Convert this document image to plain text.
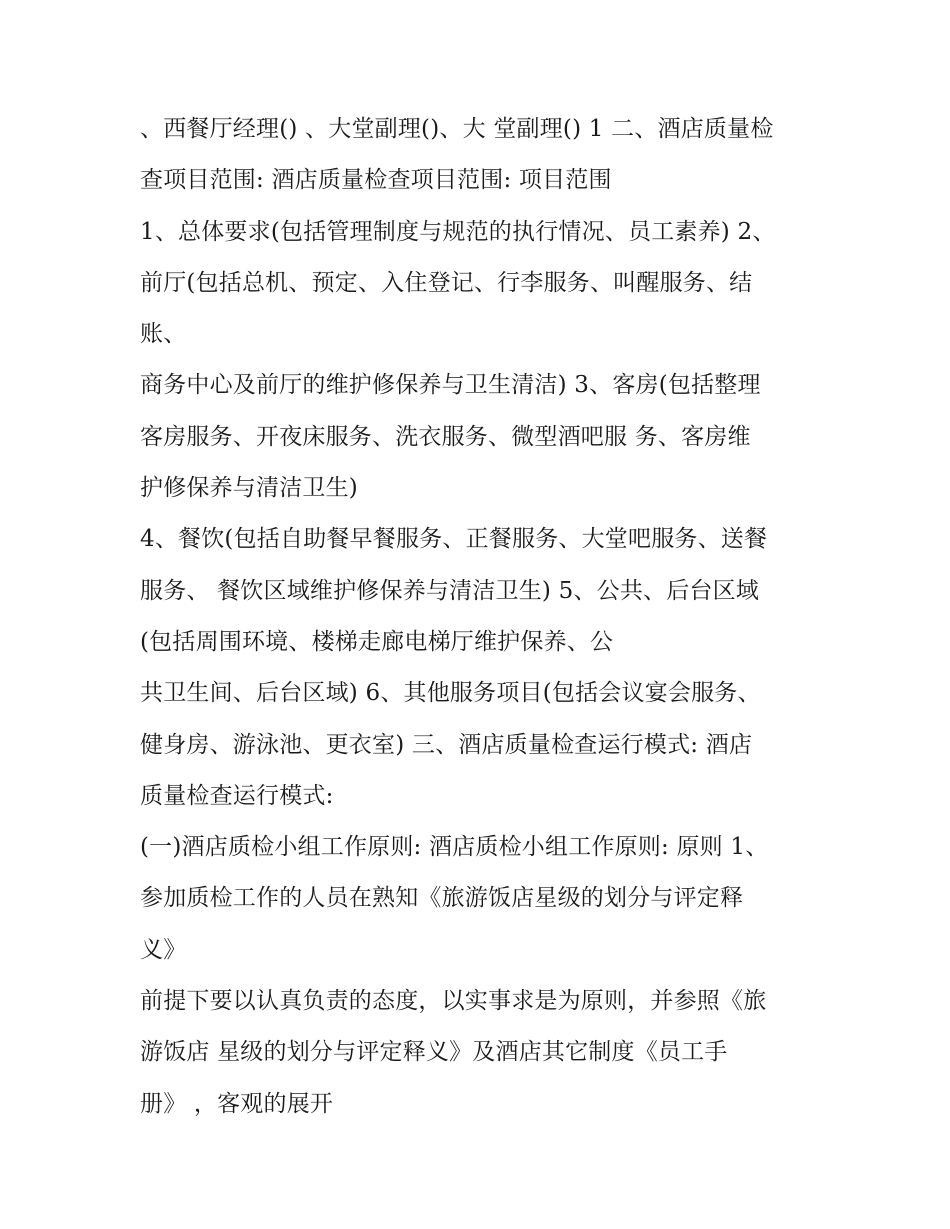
、西餐厅经理() 、大堂副理()、大 堂副理() 1 二、酒店质量检
查项目范围: 酒店质量检查项目范围: 项目范围
1、总体要求(包括管理制度与规范的执行情况、员工素养) 2、
前厅(包括总机、预定、入住登记、行李服务、叫醒服务、结
账、
商务中心及前厅的维护修保养与卫生清洁) 3、客房(包括整理
客房服务、开夜床服务、洗衣服务、微型酒吧服 务、客房维
护修保养与清洁卫生)
4、餐饮(包括自助餐早餐服务、正餐服务、大堂吧服务、送餐
服务、 餐饮区域维护修保养与清洁卫生) 5、公共、后台区域
(包括周围环境、楼梯走廊电梯厅维护保养、公
共卫生间、后台区域) 6、其他服务项目(包括会议宴会服务、
健身房、游泳池、更衣室) 三、酒店质量检查运行模式: 酒店
质量检查运行模式:
(一)酒店质检小组工作原则: 酒店质检小组工作原则: 原则 1、
参加质检工作的人员在熟知《旅游饭店星级的划分与评定释
义》
前提下要以认真负责的态度，以实事求是为原则，并参照《旅
游饭店 星级的划分与评定释义》及酒店其它制度《员工手
册》 ，客观的展开
